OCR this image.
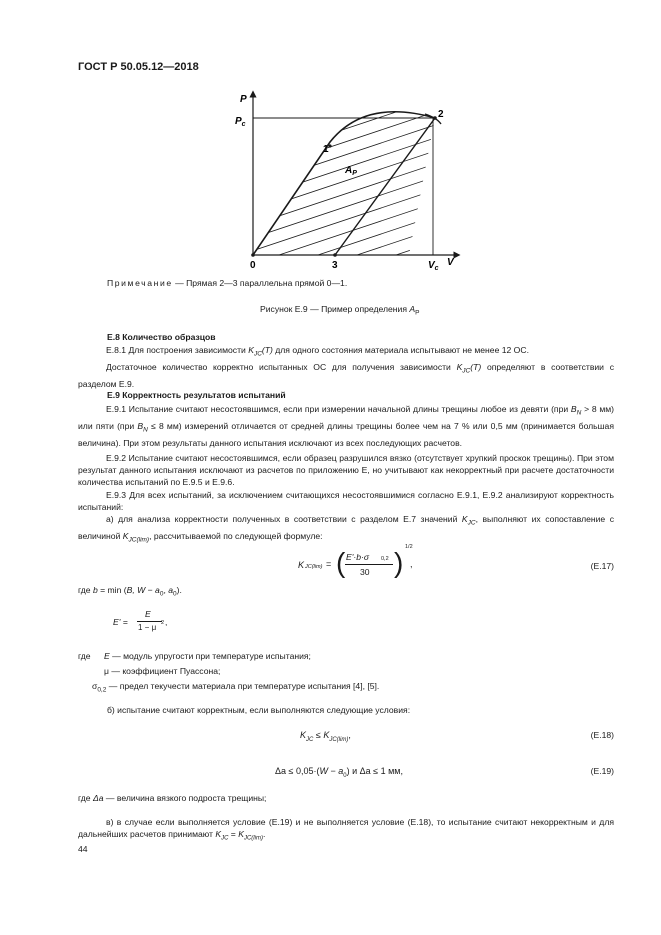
ГОСТ Р 50.05.12—2018
P
$P_c$
2
1
$A_P$
0	3	$V_c$
V
Примечание — Прямая 2—3 параллельна прямой 0—1.
Рисунок Е.9 — Пример определения $A_P$
Е.8 Количество образцов
Е.8.1 Для построения зависимости $K_{JC}(T)$ для одного состояния материала испытывают не менее 12 ОС.
Достаточное количество корректно испытанных ОС для получения зависимости $K_{JC}(T)$ определяют в соответствии с разделом Е.9.
Е.9 Корректность результатов испытаний
Е.9.1 Испытание считают несостоявшимся, если при измерении начальной длины трещины любое из девяти (при $B_N > 8$ мм) или пяти (при $B_N \le 8$ мм) измерений отличается от средней длины трещины более чем на 7 % или 0,5 мм (принимается большая величина). При этом результаты данного испытания исключают из всех последующих расчетов.
Е.9.2 Испытание считают несостоявшимся, если образец разрушился вязко (отсутствует хрупкий проскок трещины). При этом результат данного испытания исключают из расчетов по приложению Е, но учитывают как некорректный при расчете достаточности количества испытаний по Е.9.5 и Е.9.6.
Е.9.3 Для всех испытаний, за исключением считающихся несостоявшимися согласно Е.9.1, Е.9.2 анализируют корректность испытаний:
а) для анализа корректности полученных в соответствии с разделом Е.7 значений $K_{JC}$, выполняют их сопоставление с величиной $K_{JC(lim)}$, рассчитываемой по следующей формуле:
K JC(lim) = ( E'·b·σ 0,2
30 ) 1/2
,	(E.17)
где b = min (B, $W - a_0$, $a_0$).
E' =
E
1 − μ 2 ,
где E — модуль упругости при температуре испытания;
μ — коэффициент Пуассона;
$\sigma_{0,2}$ — предел текучести материала при температуре испытания [4], [5].
б) испытание считают корректным, если выполняются следующие условия:
$K_{JC} \le K_{JC(lim)}$,	(E.18)
$\Delta a \le 0,05\cdot(W - a_0)$ и Δa ≤ 1 мм,	(E.19)
где Δa — величина вязкого подроста трещины;
в) в случае если выполняется условие (Е.19) и не выполняется условие (Е.18), то испытание считают некорректным и для дальнейших расчетов принимают $K_{JC} = K_{JC(lim)}$.
44
